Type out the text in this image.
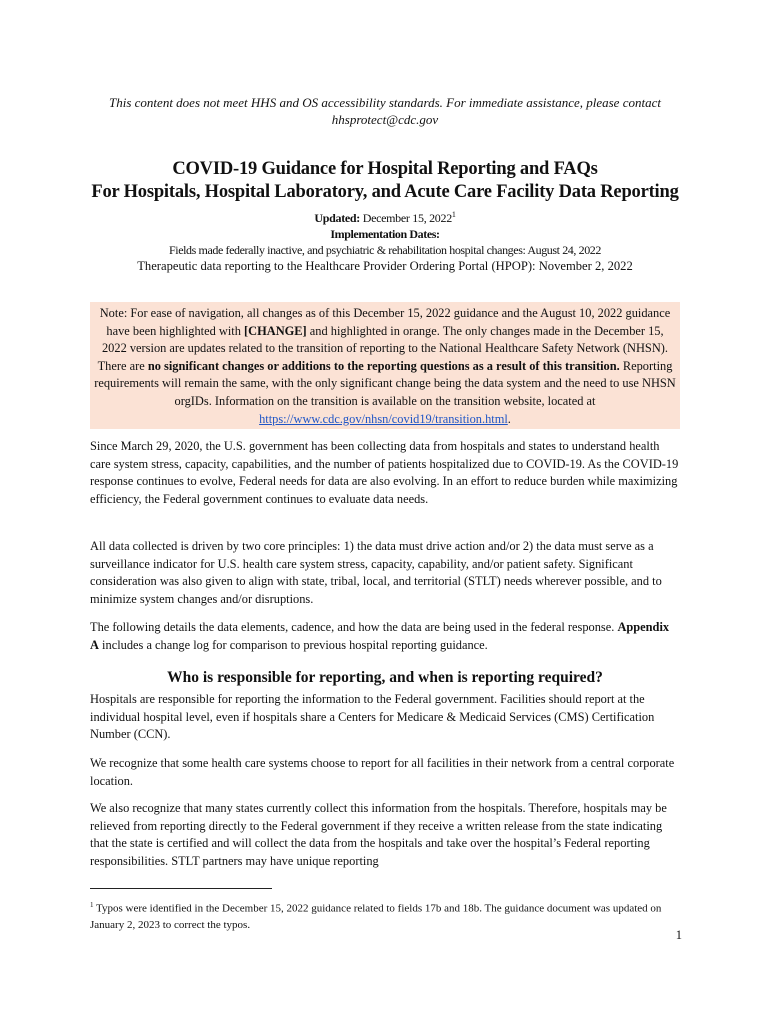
This content does not meet HHS and OS accessibility standards. For immediate assistance, please contact hhsprotect@cdc.gov
COVID-19 Guidance for Hospital Reporting and FAQs
For Hospitals, Hospital Laboratory, and Acute Care Facility Data Reporting
Updated: December 15, 2022$^1$
Implementation Dates:
Fields made federally inactive, and psychiatric & rehabilitation hospital changes: August 24, 2022
Therapeutic data reporting to the Healthcare Provider Ordering Portal (HPOP): November 2, 2022
Note: For ease of navigation, all changes as of this December 15, 2022 guidance and the August 10, 2022 guidance have been highlighted with [CHANGE] and highlighted in orange. The only changes made in the December 15, 2022 version are updates related to the transition of reporting to the National Healthcare Safety Network (NHSN). There are no significant changes or additions to the reporting questions as a result of this transition. Reporting requirements will remain the same, with the only significant change being the data system and the need to use NHSN orgIDs. Information on the transition is available on the transition website, located at https://www.cdc.gov/nhsn/covid19/transition.html.

Since March 29, 2020, the U.S. government has been collecting data from hospitals and states to understand health care system stress, capacity, capabilities, and the number of patients hospitalized due to COVID-19. As the COVID-19 response continues to evolve, Federal needs for data are also evolving. In an effort to reduce burden while maximizing efficiency, the Federal government continues to evaluate data needs.

All data collected is driven by two core principles: 1) the data must drive action and/or 2) the data must serve as a surveillance indicator for U.S. health care system stress, capacity, capability, and/or patient safety. Significant consideration was also given to align with state, tribal, local, and territorial (STLT) needs wherever possible, and to minimize system changes and/or disruptions.

The following details the data elements, cadence, and how the data are being used in the federal response. Appendix A includes a change log for comparison to previous hospital reporting guidance.

Who is responsible for reporting, and when is reporting required?

Hospitals are responsible for reporting the information to the Federal government. Facilities should report at the individual hospital level, even if hospitals share a Centers for Medicare & Medicaid Services (CMS) Certification Number (CCN).

We recognize that some health care systems choose to report for all facilities in their network from a central corporate location.

We also recognize that many states currently collect this information from the hospitals. Therefore, hospitals may be relieved from reporting directly to the Federal government if they receive a written release from the state indicating that the state is certified and will collect the data from the hospitals and take over the hospital’s Federal reporting responsibilities. STLT partners may have unique reporting

$^1$ Typos were identified in the December 15, 2022 guidance related to fields 17b and 18b. The guidance document was updated on January 2, 2023 to correct the typos.
1
